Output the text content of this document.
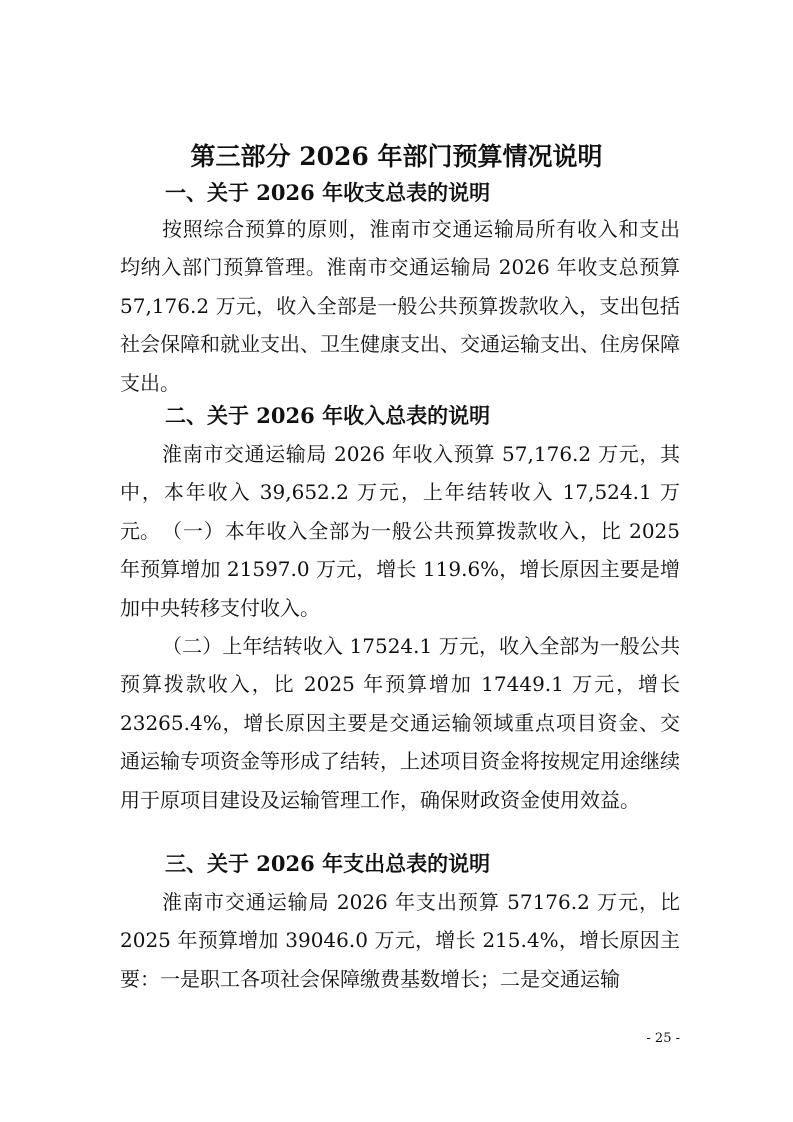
第三部分 2026 年部门预算情况说明
一、关于 2026 年收支总表的说明

按照综合预算的原则，淮南市交通运输局所有收入和支出均纳入部门预算管理。淮南市交通运输局 2026 年收支总预算 57,176.2 万元，收入全部是一般公共预算拨款收入，支出包括社会保障和就业支出、卫生健康支出、交通运输支出、住房保障支出。

二、关于 2026 年收入总表的说明

淮南市交通运输局 2026 年收入预算 57,176.2 万元，其中，本年收入 39,652.2 万元，上年结转收入 17,524.1 万元。 （一）本年收入全部为一般公共预算拨款收入，比 2025 年预算增加 21597.0 万元，增长 119.6%，增长原因主要是增加中央转移支付收入。

（二）上年结转收入 17524.1 万元，收入全部为一般公共预算拨款收入，比 2025 年预算增加 17449.1 万元，增长 23265.4%，增长原因主要是交通运输领域重点项目资金、交通运输专项资金等形成了结转，上述项目资金将按规定用途继续用于原项目建设及运输管理工作，确保财政资金使用效益。

三、关于 2026 年支出总表的说明

淮南市交通运输局 2026 年支出预算 57176.2 万元，比 2025 年预算增加 39046.0 万元，增长 215.4%，增长原因主要：一是职工各项社会保障缴费基数增长；二是交通运输

- 25 -
